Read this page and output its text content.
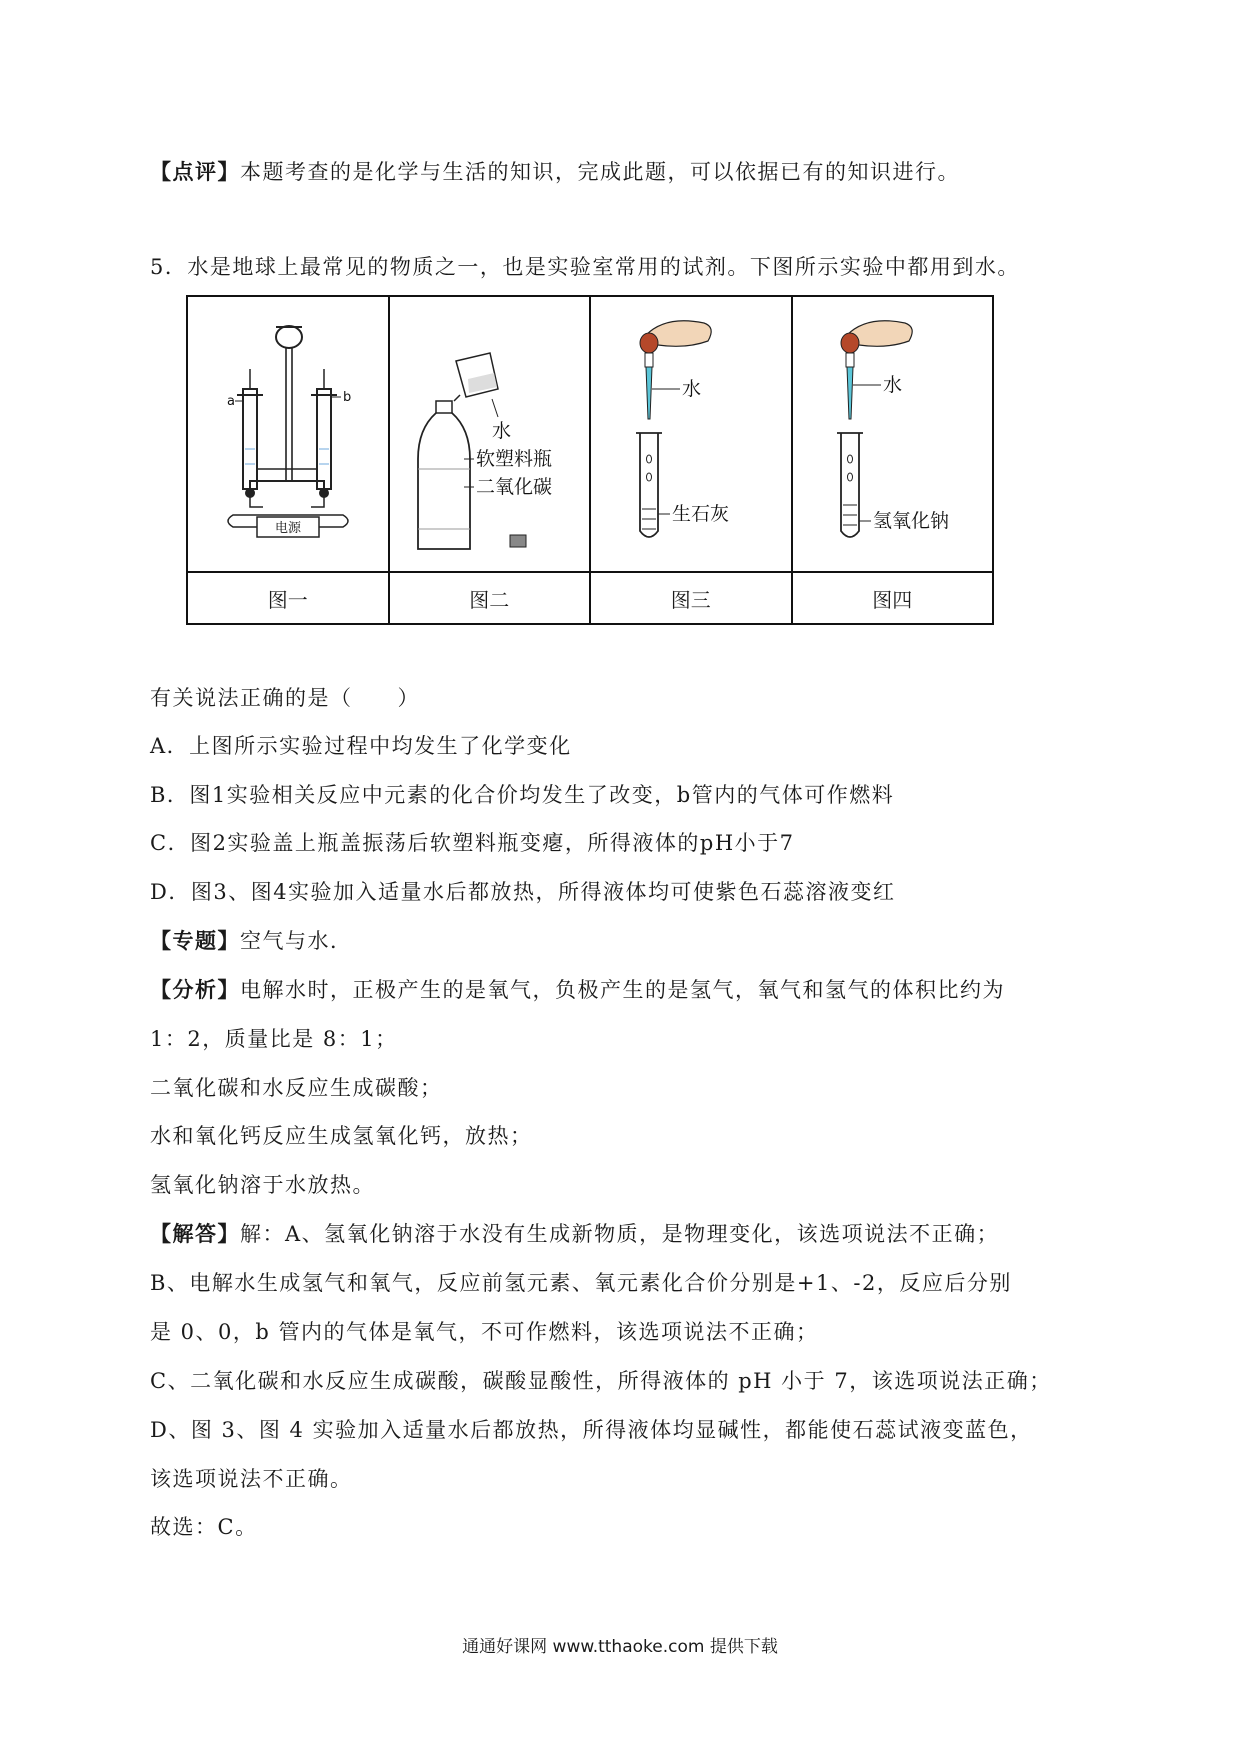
【点评】本题考查的是化学与生活的知识，完成此题，可以依据已有的知识进行。
5．水是地球上最常见的物质之一，也是实验室常用的试剂。下图所示实验中都用到水。
电源
a b	水
软塑料瓶
二氧化碳	水
生石灰	水
氢氧化钠

图一	图二	图三	图四
有关说法正确的是（　　）
A．上图所示实验过程中均发生了化学变化
B．图1实验相关反应中元素的化合价均发生了改变，b管内的气体可作燃料
C．图2实验盖上瓶盖振荡后软塑料瓶变瘪，所得液体的pH小于7
D．图3、图4实验加入适量水后都放热，所得液体均可使紫色石蕊溶液变红
【专题】空气与水．
【分析】电解水时，正极产生的是氧气，负极产生的是氢气，氧气和氢气的体积比约为
1：2，质量比是 8：1；
二氧化碳和水反应生成碳酸；
水和氧化钙反应生成氢氧化钙，放热；
氢氧化钠溶于水放热。
【解答】解：A、氢氧化钠溶于水没有生成新物质，是物理变化，该选项说法不正确；
B、电解水生成氢气和氧气，反应前氢元素、氧元素化合价分别是+1、-2，反应后分别
是 0、0，b 管内的气体是氧气，不可作燃料，该选项说法不正确；
C、二氧化碳和水反应生成碳酸，碳酸显酸性，所得液体的 pH 小于 7，该选项说法正确；
D、图 3、图 4 实验加入适量水后都放热，所得液体均显碱性，都能使石蕊试液变蓝色，
该选项说法不正确。
故选：C。
通通好课网 www.tthaoke.com 提供下载
